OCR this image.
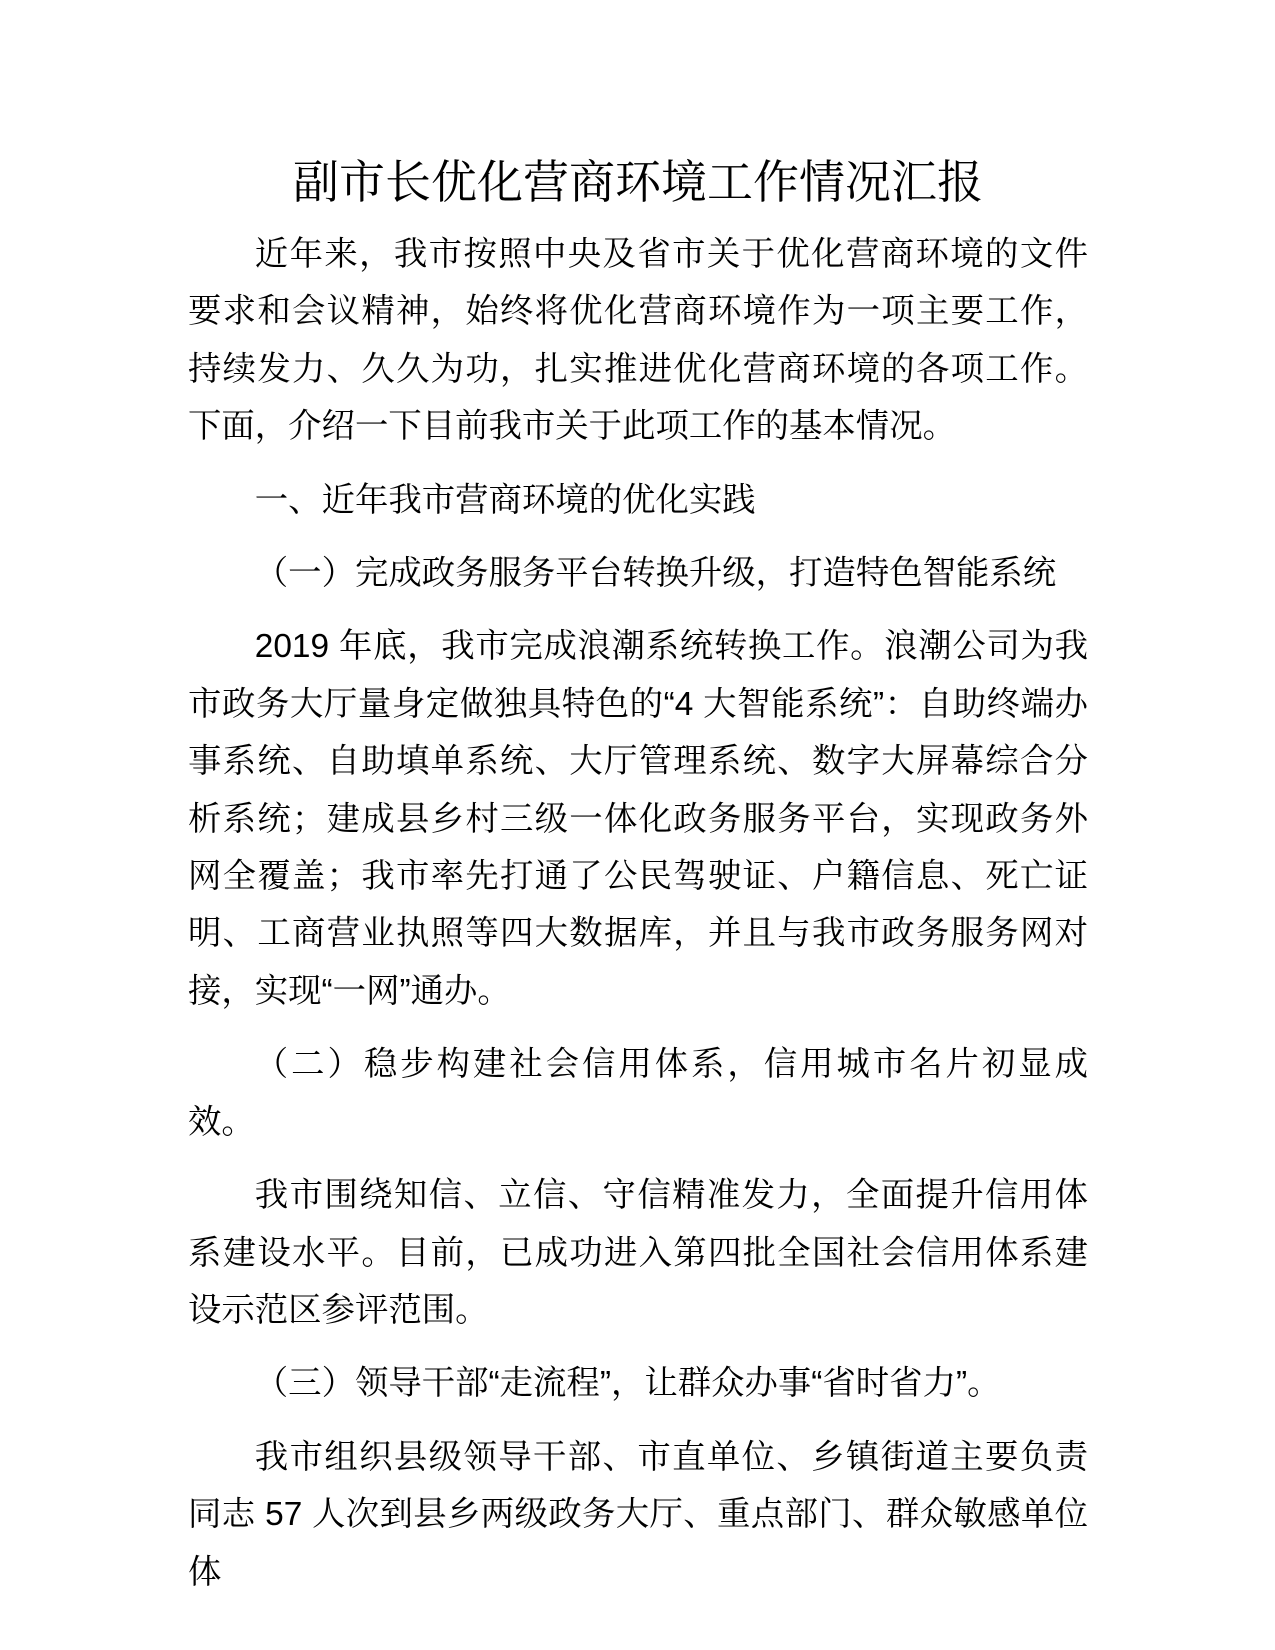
副市长优化营商环境工作情况汇报

近年来，我市按照中央及省市关于优化营商环境的文件要求和会议精神，始终将优化营商环境作为一项主要工作，持续发力、久久为功，扎实推进优化营商环境的各项工作。下面，介绍一下目前我市关于此项工作的基本情况。

一、近年我市营商环境的优化实践

（一）完成政务服务平台转换升级，打造特色智能系统

2019 年底，我市完成浪潮系统转换工作。浪潮公司为我市政务大厅量身定做独具特色的“4 大智能系统”：自助终端办事系统、自助填单系统、大厅管理系统、数字大屏幕综合分析系统；建成县乡村三级一体化政务服务平台，实现政务外网全覆盖；我市率先打通了公民驾驶证、户籍信息、死亡证明、工商营业执照等四大数据库，并且与我市政务服务网对接，实现“一网”通办。

（二）稳步构建社会信用体系，信用城市名片初显成效。

我市围绕知信、立信、守信精准发力，全面提升信用体系建设水平。目前，已成功进入第四批全国社会信用体系建设示范区参评范围。

（三）领导干部“走流程”，让群众办事“省时省力”。

我市组织县级领导干部、市直单位、乡镇街道主要负责同志 57 人次到县乡两级政务大厅、重点部门、群众敏感单位体
